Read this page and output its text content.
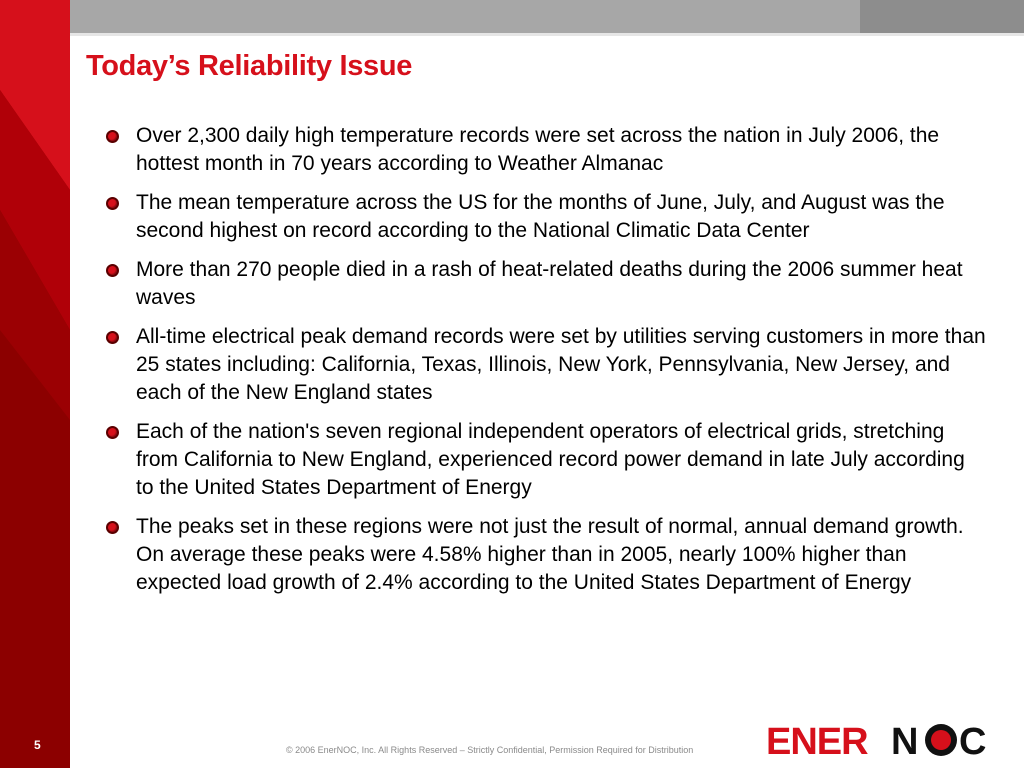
Today’s Reliability Issue
Over 2,300 daily high temperature records were set across the nation in July 2006, the hottest month in 70 years according to Weather Almanac
The mean temperature across the US for the months of June, July, and August was the second highest on record according to the National Climatic Data Center
More than 270 people died in a rash of heat-related deaths during the 2006 summer heat waves
All-time electrical peak demand records were set by utilities serving customers in more than 25 states including: California, Texas, Illinois, New York, Pennsylvania, New Jersey, and each of the New England states
Each of the nation's seven regional independent operators of electrical grids, stretching from California to New England, experienced record power demand in late July according to the United States Department of Energy
The peaks set in these regions were not just the result of normal, annual demand growth. On average these peaks were 4.58% higher than in 2005, nearly 100% higher than expected load growth of 2.4% according to the United States Department of Energy
5	© 2006 EnerNOC, Inc. All Rights Reserved – Strictly Confidential, Permission Required for Distribution ENER N C
